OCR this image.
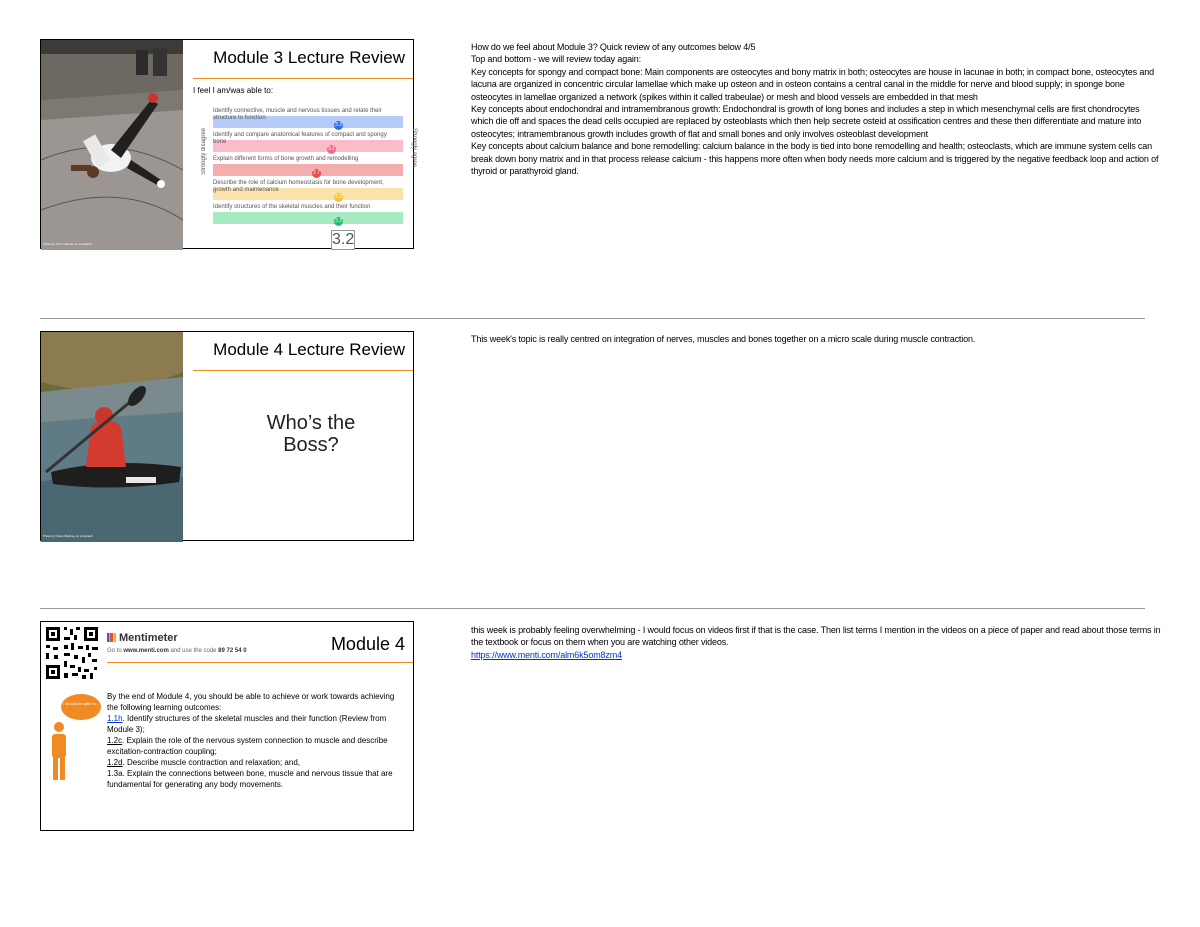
Photo by Yann Marinez on Unsplash
Module 3 Lecture Review
I feel I am/was able to:
Strongly disagree	Strongly agree
Identify connective, muscle and nervous tissues and relate their structure to function
3.3
Identify and compare anatomical features of compact and spongy bone
3.1
Explain different forms of bone growth and remodelling
2.7
Describe the role of calcium homeostasis for bone development, growth and maintenance
3.3
Identify structures of the skeletal muscles and their function
3.3
3.2

How do we feel about Module 3? Quick review of any outcomes below 4/5

Top and bottom - we will review today again:

Key concepts for spongy and compact bone: Main components are osteocytes and bony matrix in both; osteocytes are house in lacunae in both; in compact bone, osteocytes and lacuna are organized in concentric circular lamellae which make up osteon and in osteon contains a central canal in the middle for nerve and blood supply; in sponge bone osteocytes in lamellae organized a network (spikes within it called trabeulae) or mesh and blood vessels are embedded in that mesh

Key concepts about endochondral and intramembranous growth: Endochondral is growth of long bones and includes a step in which mesenchymal cells are first chondrocytes which die off and spaces the dead cells occupied are replaced by osteoblasts which then help secrete osteid at ossification centres and these then differentiate and mature into osteocytes; intramembranous growth includes growth of flat and small bones and only involves osteoblast development

Key concepts about calcium balance and bone remodelling: calcium balance in the body is tied into bone remodelling and health; osteoclasts, which are immune system cells can break down bony matrix and in that process release calcium - this happens more often when body needs more calcium and is triggered by the negative feedback loop and action of thyroid or parathyroid gland.

Photo by Corey Mankey on Unsplash
Module 4 Lecture Review
Who’s the
Boss?

This week's topic is really centred on integration of nerves, muscles and bones together on a micro scale during muscle contraction.

Mentimeter
Go to www.menti.com and use the code 89 72 54 0	Module 4
I should be able to...
By the end of Module 4, you should be able to achieve or work towards achieving the following learning outcomes:
1.1h. Identify structures of the skeletal muscles and their function (Review from Module 3);
1.2c. Explain the role of the nervous system connection to muscle and describe excitation-contraction coupling;
1.2d. Describe muscle contraction and relaxation; and,
1.3a. Explain the connections between bone, muscle and nervous tissue that are fundamental for generating any body movements.

this week is probably feeling overwhelming - I would focus on videos first if that is the case. Then list terms I mention in the videos on a piece of paper and read about those terms in the textbook or focus on them when you are watching other videos.

https://www.menti.com/alm6k5om8zm4
